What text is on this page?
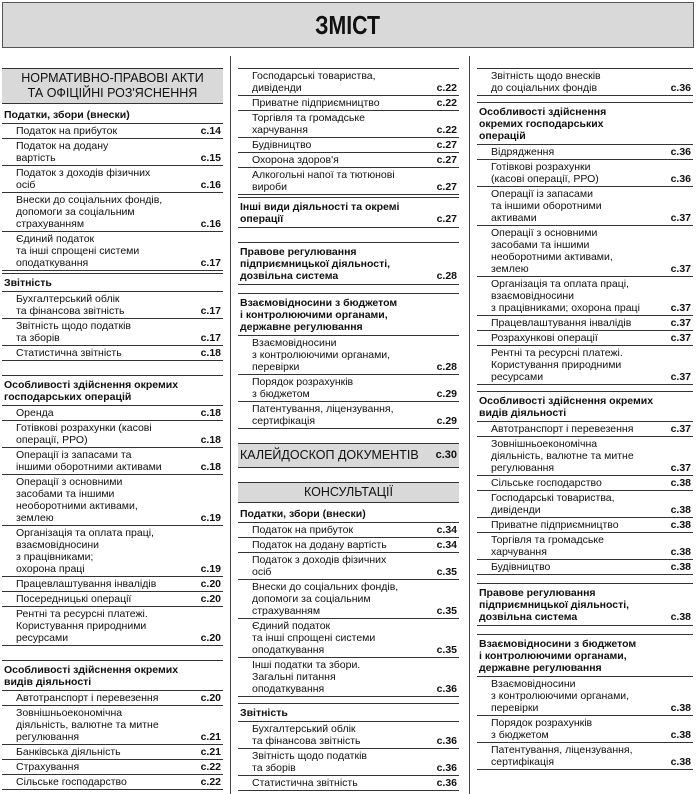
ЗМІСТ
НОРМАТИВНО-ПРАВОВІ АКТИ
ТА ОФІЦІЙНІ РОЗ'ЯСНЕННЯ
Податки, збори (внески)
Податок на прибуток	с.14
Податок на додану
вартість	с.15
Податок з доходів фізичних
осіб	с.16
Внески до соціальних фондів,
допомоги за соціальним
страхуванням	с.16
Єдиний податок
та інші спрощені системи
оподаткування	с.17
Звітність
Бухгалтерський облік
та фінансова звітність	с.17
Звітність щодо податків
та зборів	с.17
Статистична звітність	с.18
Особливості здійснення окремих
господарських операцій
Оренда	с.18
Готівкові розрахунки (касові
операції, РРО)	с.18
Операції із запасами та
іншими оборотними активами	с.18
Операції з основними
засобами та іншими
необоротними активами,
землею	с.19
Організація та оплата праці,
взаємовідносини
з працівниками;
охорона праці	с.19
Працевлаштування інвалідів	с.20
Посередницькі операції	с.20
Рентні та ресурсні платежі.
Користування природними
ресурсами	с.20
Особливості здійснення окремих
видів діяльності
Автотранспорт і перевезення	с.20
Зовнішньоекономічна
діяльність, валютне та митне
регулювання	с.21
Банківська діяльність	с.21
Страхування	с.22
Сільське господарство	с.22
Господарські товариства,
дивіденди	с.22
Приватне підприємництво	с.22
Торгівля та громадське
харчування	с.22
Будівництво	с.27
Охорона здоров'я	с.27
Алкогольні напої та тютюнові
вироби	с.27
Інші види діяльності та окремі
операції	с.27
Правове регулювання
підприємницької діяльності,
дозвільна система	с.28
Взаємовідносини з бюджетом
і контролюючими органами,
державне регулювання
Взаємовідносини
з контролюючими органами,
перевірки	с.28
Порядок розрахунків
з бюджетом	с.29
Патентування, ліцензування,
сертифікація	с.29
КАЛЕЙДОСКОП ДОКУМЕНТІВ с.30
КОНСУЛЬТАЦІЇ
Податки, збори (внески)
Податок на прибуток	с.34
Податок на додану вартість	с.34
Податок з доходів фізичних
осіб	с.35
Внески до соціальних фондів,
допомоги за соціальним
страхуванням	с.35
Єдиний податок
та інші спрощені системи
оподаткування	с.35
Інші податки та збори.
Загальні питання
оподаткування	с.36
Звітність
Бухгалтерський облік
та фінансова звітність	с.36
Звітність щодо податків
та зборів	с.36
Статистична звітність	с.36
Звітність щодо внесків
до соціальних фондів	с.36
Особливості здійснення
окремих господарських
операцій
Відрядження	с.36
Готівкові розрахунки
(касові операції, РРО)	с.36
Операції із запасами
та іншими оборотними
активами	с.37
Операції з основними
засобами та іншими
необоротними активами,
землею	с.37
Організація та оплата праці,
взаємовідносини
з працівниками; охорона праці	с.37
Працевлаштування інвалідів	с.37
Розрахункові операції	с.37
Рентні та ресурсні платежі.
Користування природними
ресурсами	с.37
Особливості здійснення окремих
видів діяльності
Автотранспорт і перевезення	с.37
Зовнішньоекономічна
діяльність, валютне та митне
регулювання	с.37
Сільське господарство	с.38
Господарські товариства,
дивіденди	с.38
Приватне підприємництво	с.38
Торгівля та громадське
харчування	с.38
Будівництво	с.38
Правове регулювання
підприємницької діяльності,
дозвільна система	с.38
Взаємовідносини з бюджетом
і контролюючими органами,
державне регулювання
Взаємовідносини
з контролюючими органами,
перевірки	с.38
Порядок розрахунків
з бюджетом	с.38
Патентування, ліцензування,
сертифікація	с.38
